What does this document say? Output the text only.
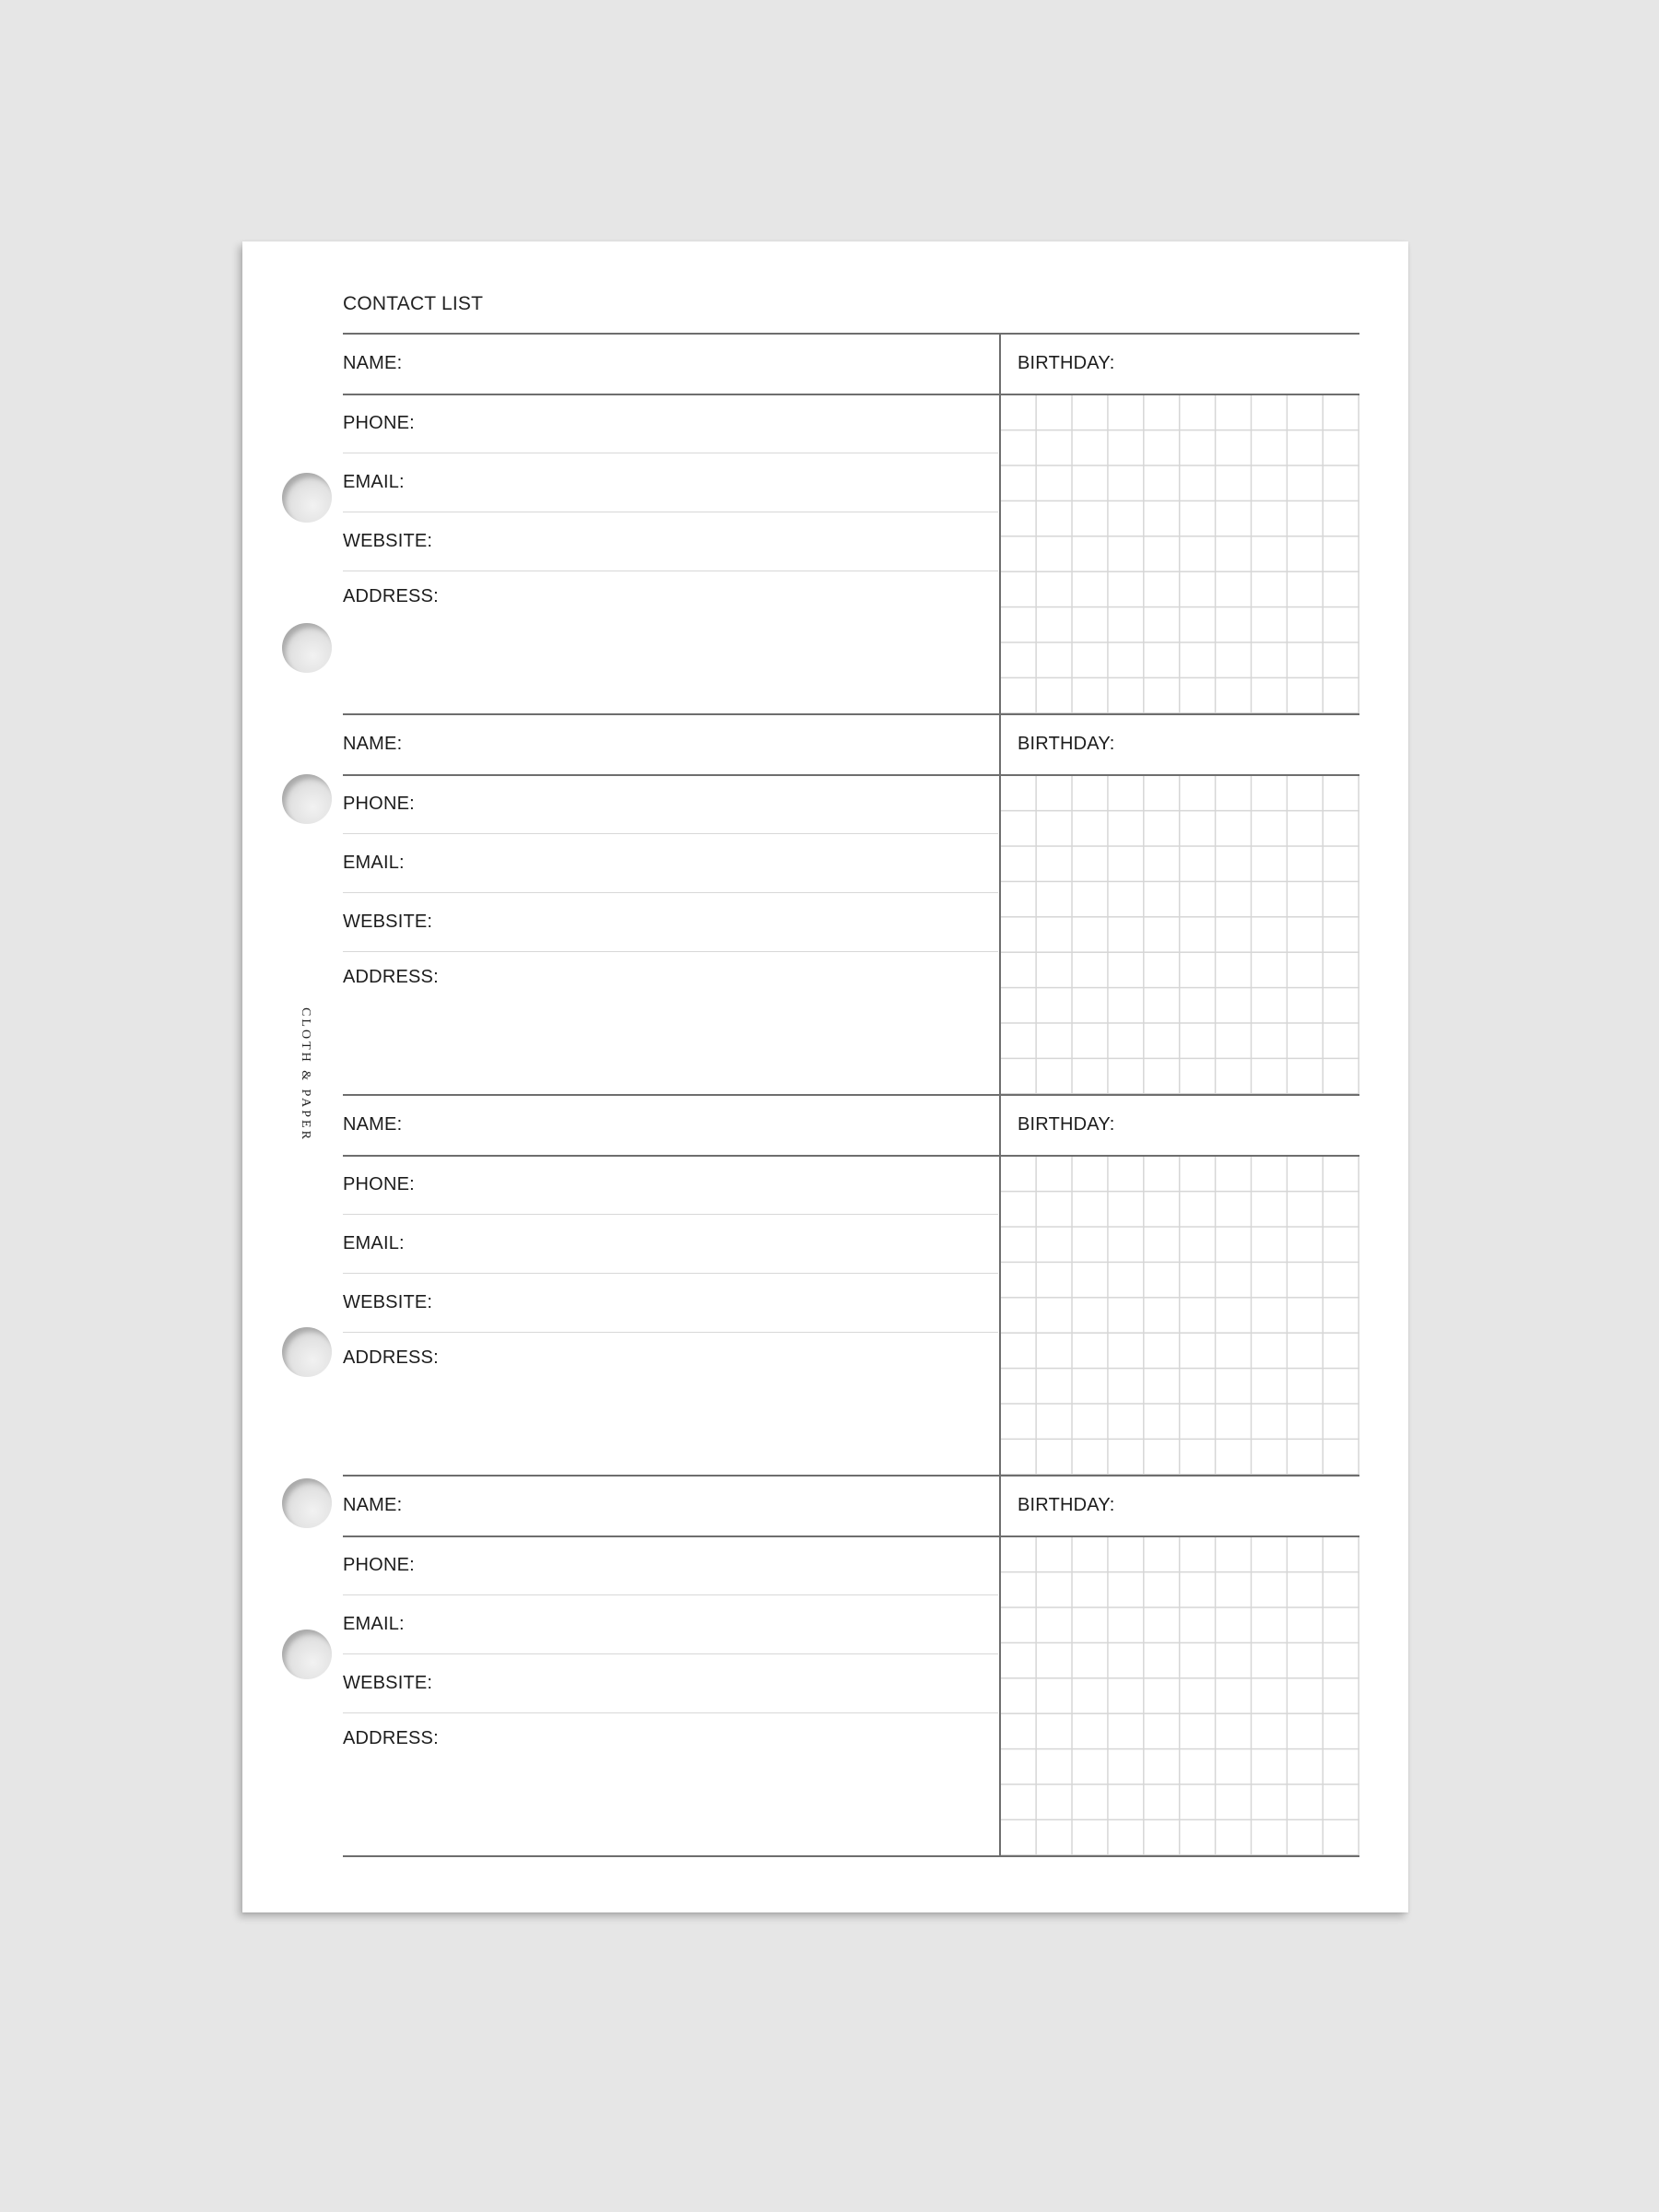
CLOTH & PAPER
CONTACT LIST
NAME:	BIRTHDAY:
PHONE:
EMAIL:
WEBSITE:
ADDRESS:
NAME:	BIRTHDAY:
PHONE:
EMAIL:
WEBSITE:
ADDRESS:
NAME:	BIRTHDAY:
PHONE:
EMAIL:
WEBSITE:
ADDRESS:
NAME:	BIRTHDAY:
PHONE:
EMAIL:
WEBSITE:
ADDRESS:
